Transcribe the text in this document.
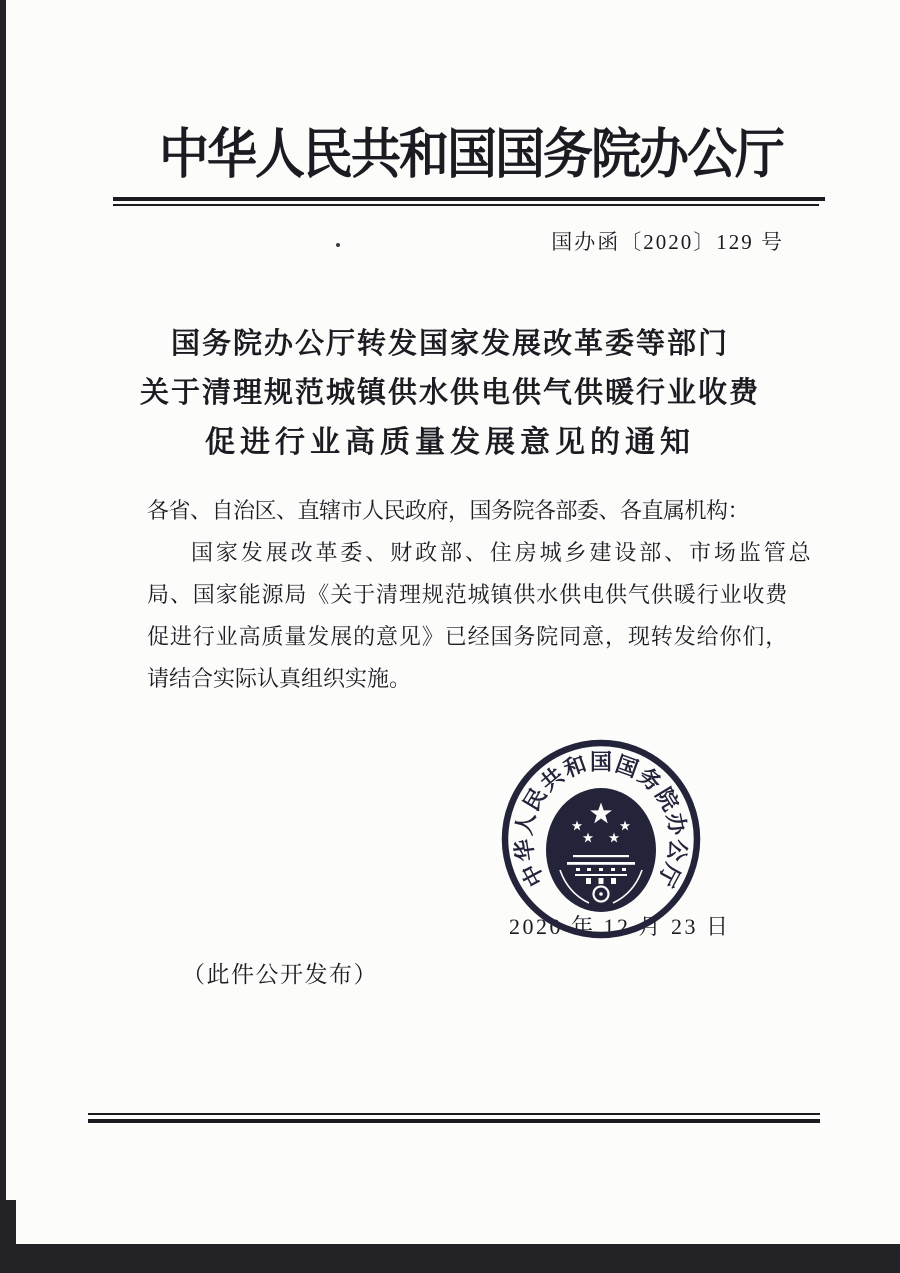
中华人民共和国国务院办公厅
国办函〔2020〕129 号
国务院办公厅转发国家发展改革委等部门
关于清理规范城镇供水供电供气供暖行业收费
促进行业高质量发展意见的通知
各省、自治区、直辖市人民政府，国务院各部委、各直属机构：
国家发展改革委、财政部、住房城乡建设部、市场监管总
局、国家能源局《关于清理规范城镇供水供电供气供暖行业收费
促进行业高质量发展的意见》已经国务院同意，现转发给你们，
请结合实际认真组织实施。
2020 年 12 月 23 日
中
华
人
民
共
和 国 国
务
院
办
公
厅
（此件公开发布）
